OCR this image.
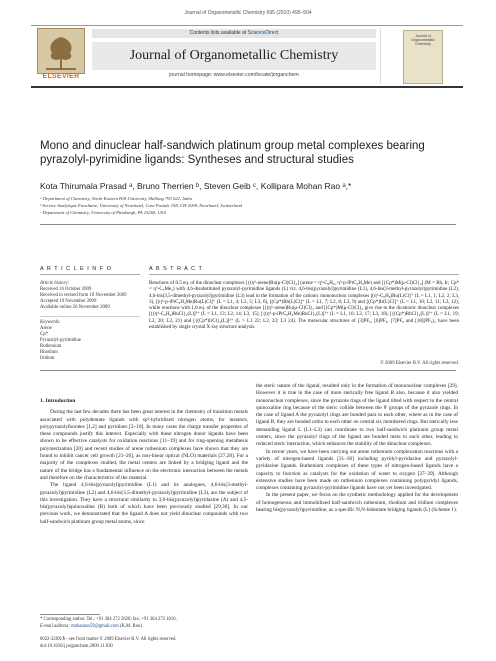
Journal of Organometallic Chemistry 695 (2010) 495–504
ELSEVIER
Contents lists available at ScienceDirect
Journal of Organometallic Chemistry
journal homepage: www.elsevier.com/locate/jorganchem
Journal of Organometallic Chemistry
Mono and dinuclear half-sandwich platinum group metal complexes bearing pyrazolyl-pyrimidine ligands: Syntheses and structural studies
Kota Thirumala Prasad ᵃ, Bruno Therrien ᵇ, Steven Geib ᶜ, Kollipara Mohan Rao ᵃ,*
ᵃ Department of Chemistry, North Eastern Hill University, Shillong 793 022, India
ᵇ Service Analytique Facultaire, University of Neuchatel, Case Postale 158, CH-2009, Neuchatel, Switzerland
ᶜ Department of Chemistry, University of Pittsburgh, PA 15260, USA
A R T I C L E I N F O	A B S T R A C T
Article history:
Received 16 October 2009
Received in revised form 18 November 2009
Accepted 19 November 2009
Available online 26 November 2009
Keywords:
Arene
Cp*
Pyrazolyl-pyrimidine
Ruthenium
Rhodium
Iridium
Reactions of 0.5 eq. of the dinuclear complexes [{(η⁶-arene)Ru(μ-Cl)Cl}₂] (arene = η⁶-C₆H₆, η⁶-p-iPrC₆H₄Me) and [{Cp*)M(μ-Cl)Cl}₂] (M = Rh, Ir; Cp* = η⁵-C₅Me₅) with 4,6-disubstituted pyrazolyl-pyrimidine ligands (L) viz. 4,6-bis(pyrazolyl)pyrimidine (L1), 4,6-bis(3-methyl-pyrazolyl)pyrimidine (L2), 4,6-bis(3,5-dimethyl-pyrazolyl)pyrimidine (L3) lead to the formation of the cationic mononuclear complexes [(η⁶-C₆H₆)Ru(L)Cl]⁺ (L = L1, 1; L2, 2; L3, 3), [(η⁶-p-iPrC₆H₄Me)Ru(L)Cl]⁺ (L = L1, 4; L2, 5; L3, 6), [(Cp*)Rh(L)Cl]⁺ (L = L1, 7; L2, 8; L3, 9) and [(Cp*)Ir(L)Cl]⁺ (L = L1, 10; L2, 11; L3, 12), while reactions with 1.0 eq. of the dinuclear complexes [{(η⁶-arene)Ru(μ-Cl)Cl}₂ and [(Cp*)M(μ-Cl)Cl}₂ give rise to the dicationic dinuclear complexes [{(η⁶-C₆H₆)RuCl}₂(L)]²⁺ (L = L1, 13; L2, 14; L3, 15), [{(η⁶-p-iPrC₆H₄Me)RuCl}₂(L)]²⁺ (L = L1, 16; L2, 17; L3, 18), [{(Cp*)RhCl}₂(L)]²⁺ (L = L1, 19; L2, 20; L3, 21) and [{(Cp*)IrCl}₂(L)]²⁺ (L = L1 22; L2, 23; L3 24). The molecular structures of [3]PF₆, [6]PF₆, [7]PF₆ and [18](PF₆)₂ have been established by single crystal X-ray structure analysis.
© 2009 Elsevier B.V. All rights reserved.
1. Introduction
During the last few decades there has been great interest in the chemistry of transition metals associated with polydentate ligands with sp²-hybridized nitrogen atoms, for instance, polypyrazolylborates [1,2] and pyridines [2–10]. In many cases the charge transfer properties of these compounds justify this interest. Especially with these nitrogen donor ligands have been shown to be effective catalysts for oxidation reactions [11–19] and for ring-opening metathesis polymerization [20] and recent studies of arene ruthenium complexes have shown that they are found to inhibit cancer cell growth [21–26], as non-linear optical (NLO) materials [27,28]. For a majority of the complexes studied, the metal centers are linked by a bridging ligand and the nature of the bridge has a fundamental influence on the electronic interaction between the metals and therefore on the characteristics of the material.
The ligand 4,6-bis(pyrazolyl)pyrimidine (L1) and its analogues, 4,6-bis(3-methyl-pyrazolyl)pyrimidine (L2) and 4,6-bis(3,5-dimethyl-pyrazolyl)pyrimidine (L3), are the subject of this investigation. They have a structural similarity to 3,6-bis(pyrazolyl)pyridazine (A) and 4,5-bis(pyrazolyl)quinoxaline (B) both of which have been previously studied [29,30]. In our previous work, we demonstrated that the ligand A does not yield dinuclear compounds with two half-sandwich platinum group metal atoms, since
the steric nature of the ligand, resulted only in the formation of mononuclear complexes [29]. However it is true in the case of more sterically free ligand B also, because it also yielded mononuclear complexes, since the pyrazole rings of the ligand tilted with respect to the central quinoxaline ring because of the steric collide between the 8' groups of the pyrazole rings. In the case of ligand A the pyrazolyl rings are bonded para to each other, where as in the case of ligand B, they are bonded ortho to each other on central six membered rings. But sterically less demanding ligand L (L1–L3) can coordinate to two half-sandwich platinum group metal centers, since the pyrazolyl rings of the ligand are bonded meta to each other, leading to reduced steric interaction, which enhances the stability of the dinuclear complexes.
In recent years, we have been carrying out arene ruthenium complexation reactions with a variety of nitrogen-based ligands [31–36] including pyridyl-pyridazine and pyrazolyl-pyridazine ligands. Ruthenium complexes of these types of nitrogen-based ligands have a capacity to function as catalysts for the oxidation of water to oxygen [37–39]. Although extensive studies have been made on ruthenium complexes containing polypyridyl ligands, complexes containing pyrazolyl-pyrimidine ligands have not yet been investigated.
In the present paper, we focus on the synthetic methodology applied for the development of homogeneous and immobilized half-sandwich ruthenium, rhodium and iridium complexes bearing bis(pyrazolyl)pyrimidine, as a specific N,N-bidentate bridging ligands (L) (Scheme 1).
* Corresponding author. Tel.: +91 364 272 2620; fax: +91 364 272 1010.
E-mail address: mohanrao59@gmail.com (K.M. Rao).
0022-328X/$ - see front matter © 2009 Elsevier B.V. All rights reserved.
doi:10.1016/j.jorganchem.2009.11.030
